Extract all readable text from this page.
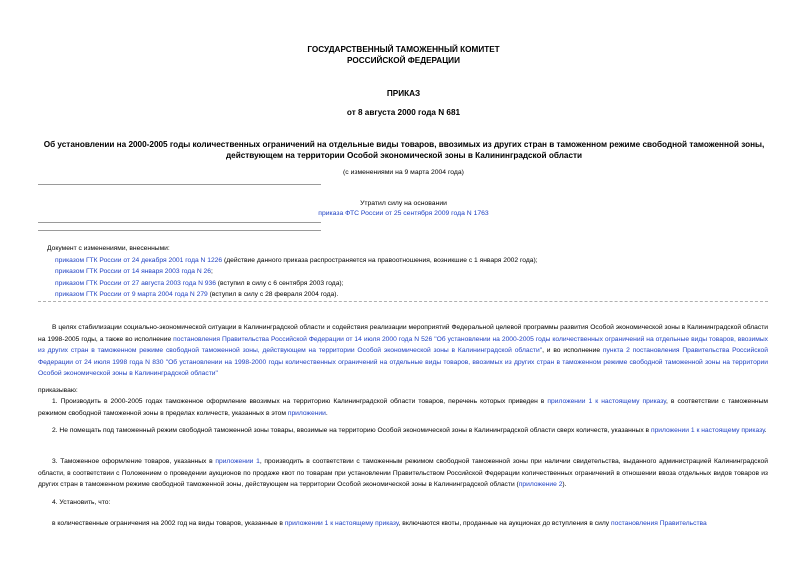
ГОСУДАРСТВЕННЫЙ ТАМОЖЕННЫЙ КОМИТЕТ
РОССИЙСКОЙ ФЕДЕРАЦИИ
ПРИКАЗ
от 8 августа 2000 года N 681
Об установлении на 2000-2005 годы количественных ограничений на отдельные виды товаров, ввозимых из других стран в таможенном режиме свободной таможенной зоны, действующем на территории Особой экономической зоны в Калининградской области
(с изменениями на 9 марта 2004 года)
Утратил силу на основании
приказа ФТС России от 25 сентября 2009 года N 1763
Документ с изменениями, внесенными:
приказом ГТК России от 24 декабря 2001 года N 1226 (действие данного приказа распространяется на правоотношения, возникшие с 1 января 2002 года);
приказом ГТК России от 14 января 2003 года N 26;
приказом ГТК России от 27 августа 2003 года N 936 (вступил в силу с 6 сентября 2003 года);
приказом ГТК России от 9 марта 2004 года N 279 (вступил в силу с 28 февраля 2004 года).
В целях стабилизации социально-экономической ситуации в Калининградской области и содействия реализации мероприятий Федеральной целевой программы развития Особой экономической зоны в Калининградской области на 1998-2005 годы, а также во исполнение постановления Правительства Российской Федерации от 14 июля 2000 года N 526 "Об установлении на 2000-2005 годы количественных ограничений на отдельные виды товаров, ввозимых из других стран в таможенном режиме свободной таможенной зоны, действующем на территории Особой экономической зоны в Калининградской области", и во исполнение пункта 2 постановления Правительства Российской Федерации от 24 июля 1998 года N 830 "Об установлении на 1998-2000 годы количественных ограничений на отдельные виды товаров, ввозимых из других стран в таможенном режиме свободной таможенной зоны на территории Особой экономической зоны в Калининградской области"
приказываю:
1. Производить в 2000-2005 годах таможенное оформление ввозимых на территорию Калининградской области товаров, перечень которых приведен в приложении 1 к настоящему приказу, в соответствии с таможенным режимом свободной таможенной зоны в пределах количеств, указанных в этом приложении.
2. Не помещать под таможенный режим свободной таможенной зоны товары, ввозимые на территорию Особой экономической зоны в Калининградской области сверх количеств, указанных в приложении 1 к настоящему приказу.
3. Таможенное оформление товаров, указанных в приложении 1, производить в соответствии с таможенным режимом свободной таможенной зоны при наличии свидетельства, выданного администрацией Калининградской области, в соответствии с Положением о проведении аукционов по продаже квот по товарам при установлении Правительством Российской Федерации количественных ограничений в отношении ввоза отдельных видов товаров из других стран в таможенном режиме свободной таможенной зоны, действующем на территории Особой экономической зоны в Калининградской области (приложение 2).
4. Установить, что:
в количественные ограничения на 2002 год на виды товаров, указанные в приложении 1 к настоящему приказу, включаются квоты, проданные на аукционах до вступления в силу постановления Правительства
